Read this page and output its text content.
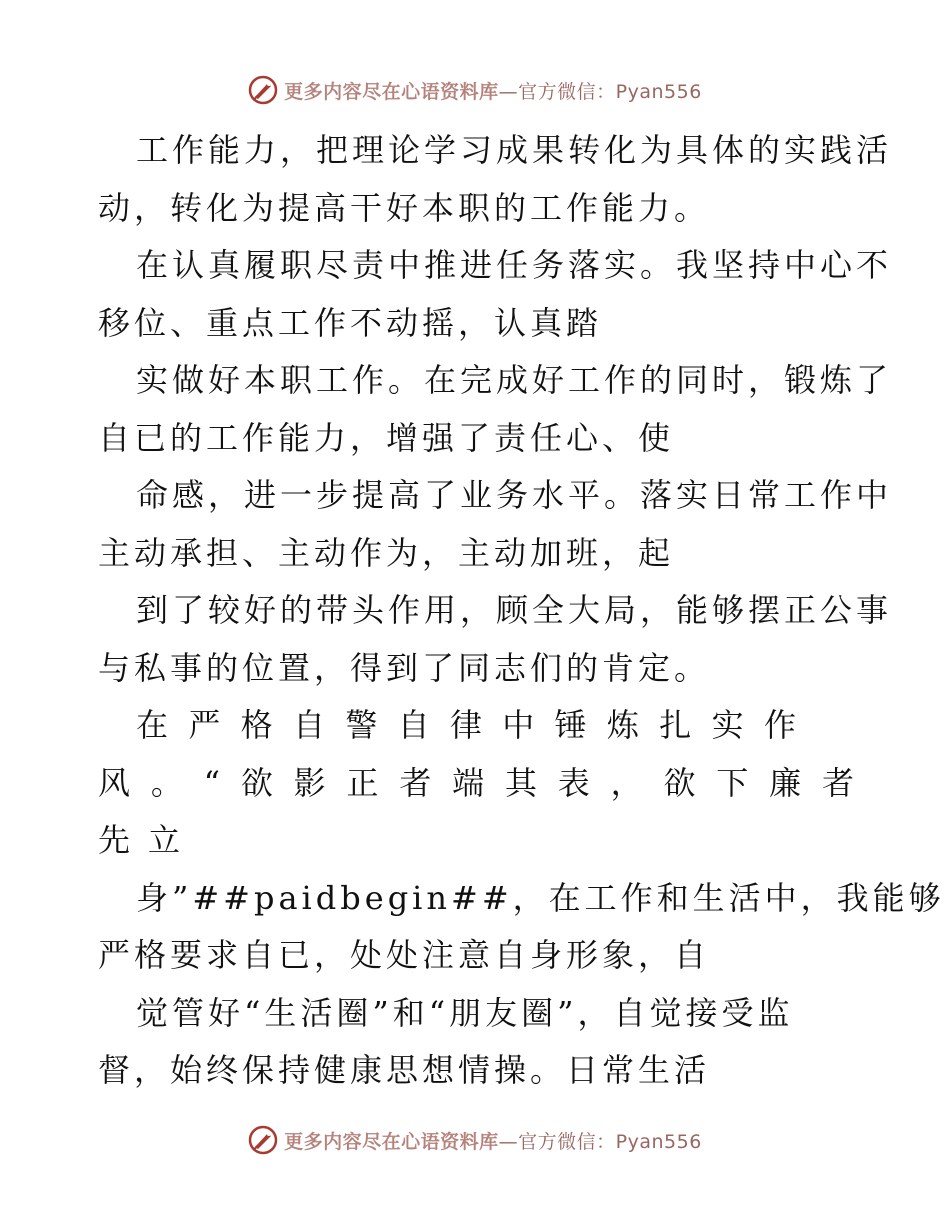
更多内容尽在心语资料库—官方微信：Pyan556
工作能力，把理论学习成果转化为具体的实践活
动，转化为提高干好本职的工作能力。
在认真履职尽责中推进任务落实。我坚持中心不
移位、重点工作不动摇，认真踏
实做好本职工作。在完成好工作的同时，锻炼了
自已的工作能力，增强了责任心、使
命感，进一步提高了业务水平。落实日常工作中
主动承担、主动作为，主动加班，起
到了较好的带头作用，顾全大局，能够摆正公事
与私事的位置，得到了同志们的肯定。
在 严 格 自 警 自 律 中 锤 炼 扎 实 作
风 。 “ 欲 影 正 者 端 其 表 ， 欲 下 廉 者
先立
身”##paidbegin##，在工作和生活中，我能够
严格要求自已，处处注意自身形象，自
觉管好“生活圈”和“朋友圈”，自觉接受监
督，始终保持健康思想情操。日常生活
更多内容尽在心语资料库—官方微信：Pyan556
